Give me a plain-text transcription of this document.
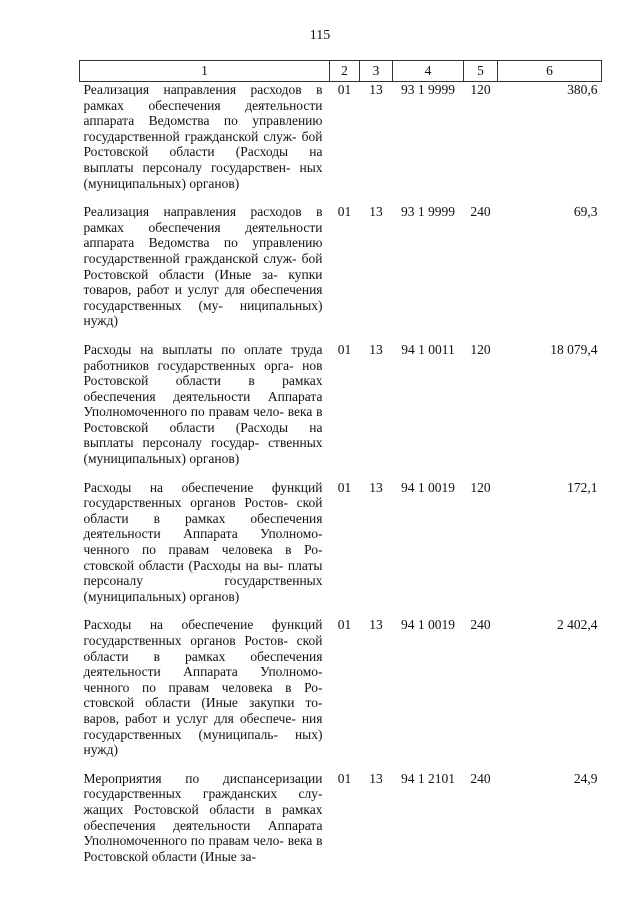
115
1	2	3	4	5	6
Реализация направления расходов в рамках обеспечения деятельности аппарата Ведомства по управлению государственной гражданской служ- бой Ростовской области (Расходы на выплаты персоналу государствен- ных (муниципальных) органов)	01	13	93 1 9999	120	380,6
Реализация направления расходов в рамках обеспечения деятельности аппарата Ведомства по управлению государственной гражданской служ- бой Ростовской области (Иные за- купки товаров, работ и услуг для обеспечения государственных (му- ниципальных) нужд)	01	13	93 1 9999	240	69,3
Расходы на выплаты по оплате труда работников государственных орга- нов Ростовской области в рамках обеспечения деятельности Аппарата Уполномоченного по правам чело- века в Ростовской области (Расходы на выплаты персоналу государ- ственных (муниципальных) органов)	01	13	94 1 0011	120	18 079,4
Расходы на обеспечение функций государственных органов Ростов- ской области в рамках обеспечения деятельности Аппарата Уполномо- ченного по правам человека в Ро- стовской области (Расходы на вы- платы персоналу государственных (муниципальных) органов)	01	13	94 1 0019	120	172,1
Расходы на обеспечение функций государственных органов Ростов- ской области в рамках обеспечения деятельности Аппарата Уполномо- ченного по правам человека в Ро- стовской области (Иные закупки то- варов, работ и услуг для обеспече- ния государственных (муниципаль- ных) нужд)	01	13	94 1 0019	240	2 402,4
Мероприятия по диспансеризации государственных гражданских слу- жащих Ростовской области в рамках обеспечения деятельности Аппарата Уполномоченного по правам чело- века в Ростовской области (Иные за-	01	13	94 1 2101	240	24,9
